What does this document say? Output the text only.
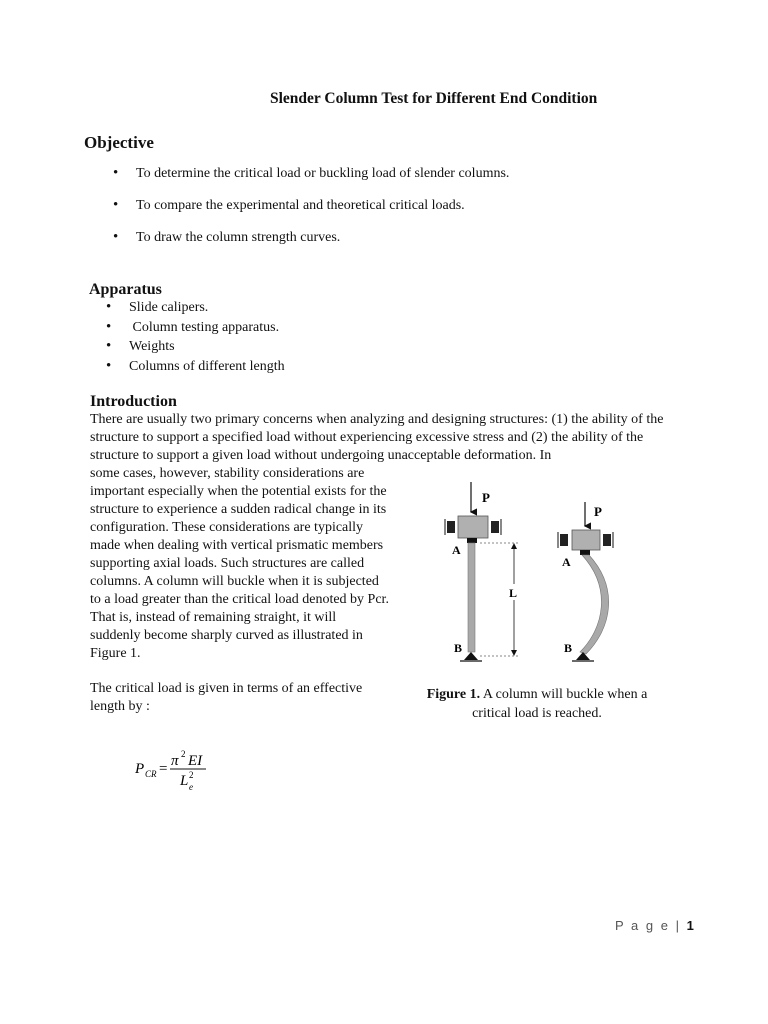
Slender Column Test for Different End Condition
Objective
• To determine the critical load or buckling load of slender columns.
• To compare the experimental and theoretical critical loads.
• To draw the column strength curves.
Apparatus
• Slide calipers.
•  Column testing apparatus.
• Weights
• Columns of different length
Introduction
There are usually two primary concerns when analyzing and designing structures: (1) the ability of the structure to support a specified load without experiencing excessive stress and (2) the ability of the structure to support a given load without undergoing unacceptable deformation. In
some cases, however, stability considerations are important especially when the potential exists for the structure to experience a sudden radical change in its configuration. These considerations are typically made when dealing with vertical prismatic members supporting axial loads. Such structures are called columns. A column will buckle when it is subjected to a load greater than the critical load denoted by Pcr. That is, instead of remaining straight, it will suddenly become sharply curved as illustrated in Figure 1.
The critical load is given in terms of an effective length by :
P
A
B
L
P
A
B
Figure 1. A column will buckle when a critical load is reached.
P CR = π 2 EI
L 2
e
P a g e | 1
